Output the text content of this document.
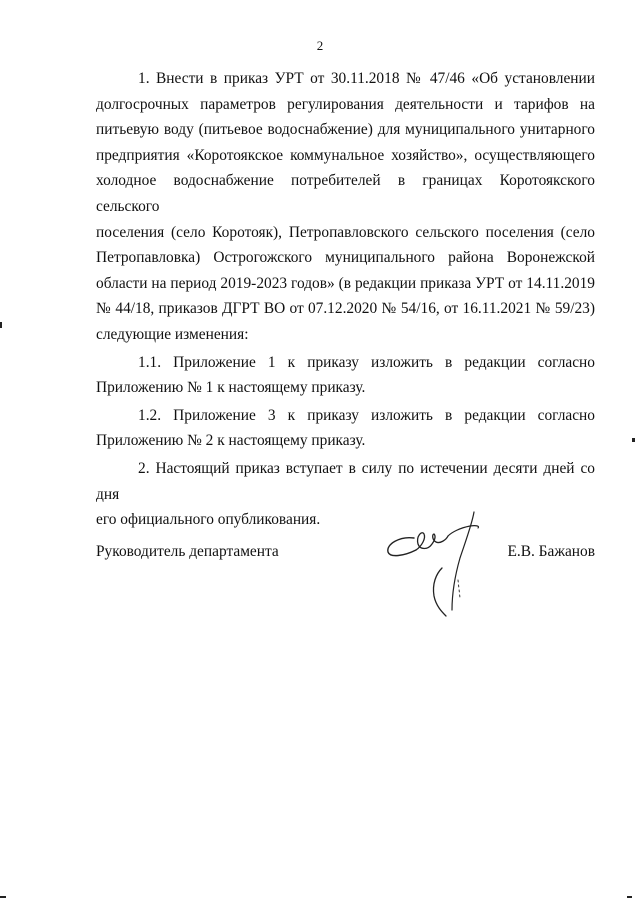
2

1. Внести в приказ УРТ от 30.11.2018 № 47/46 «Об установлении
долгосрочных параметров регулирования деятельности и тарифов на
питьевую воду (питьевое водоснабжение) для муниципального унитарного
предприятия «Коротоякское коммунальное хозяйство», осуществляющего
холодное водоснабжение потребителей в границах Коротоякского сельского
поселения (село Коротояк), Петропавловского сельского поселения (село
Петропавловка) Острогожского муниципального района Воронежской
области на период 2019-2023 годов» (в редакции приказа УРТ от 14.11.2019
№ 44/18, приказов ДГРТ ВО от 07.12.2020 № 54/16, от 16.11.2021 № 59/23)
следующие изменения:

1.1. Приложение 1 к приказу изложить в редакции согласно
Приложению № 1 к настоящему приказу.

1.2. Приложение 3 к приказу изложить в редакции согласно
Приложению № 2 к настоящему приказу.

2. Настоящий приказ вступает в силу по истечении десяти дней со дня
его официального опубликования.

Руководитель департамента	Е.В. Бажанов
